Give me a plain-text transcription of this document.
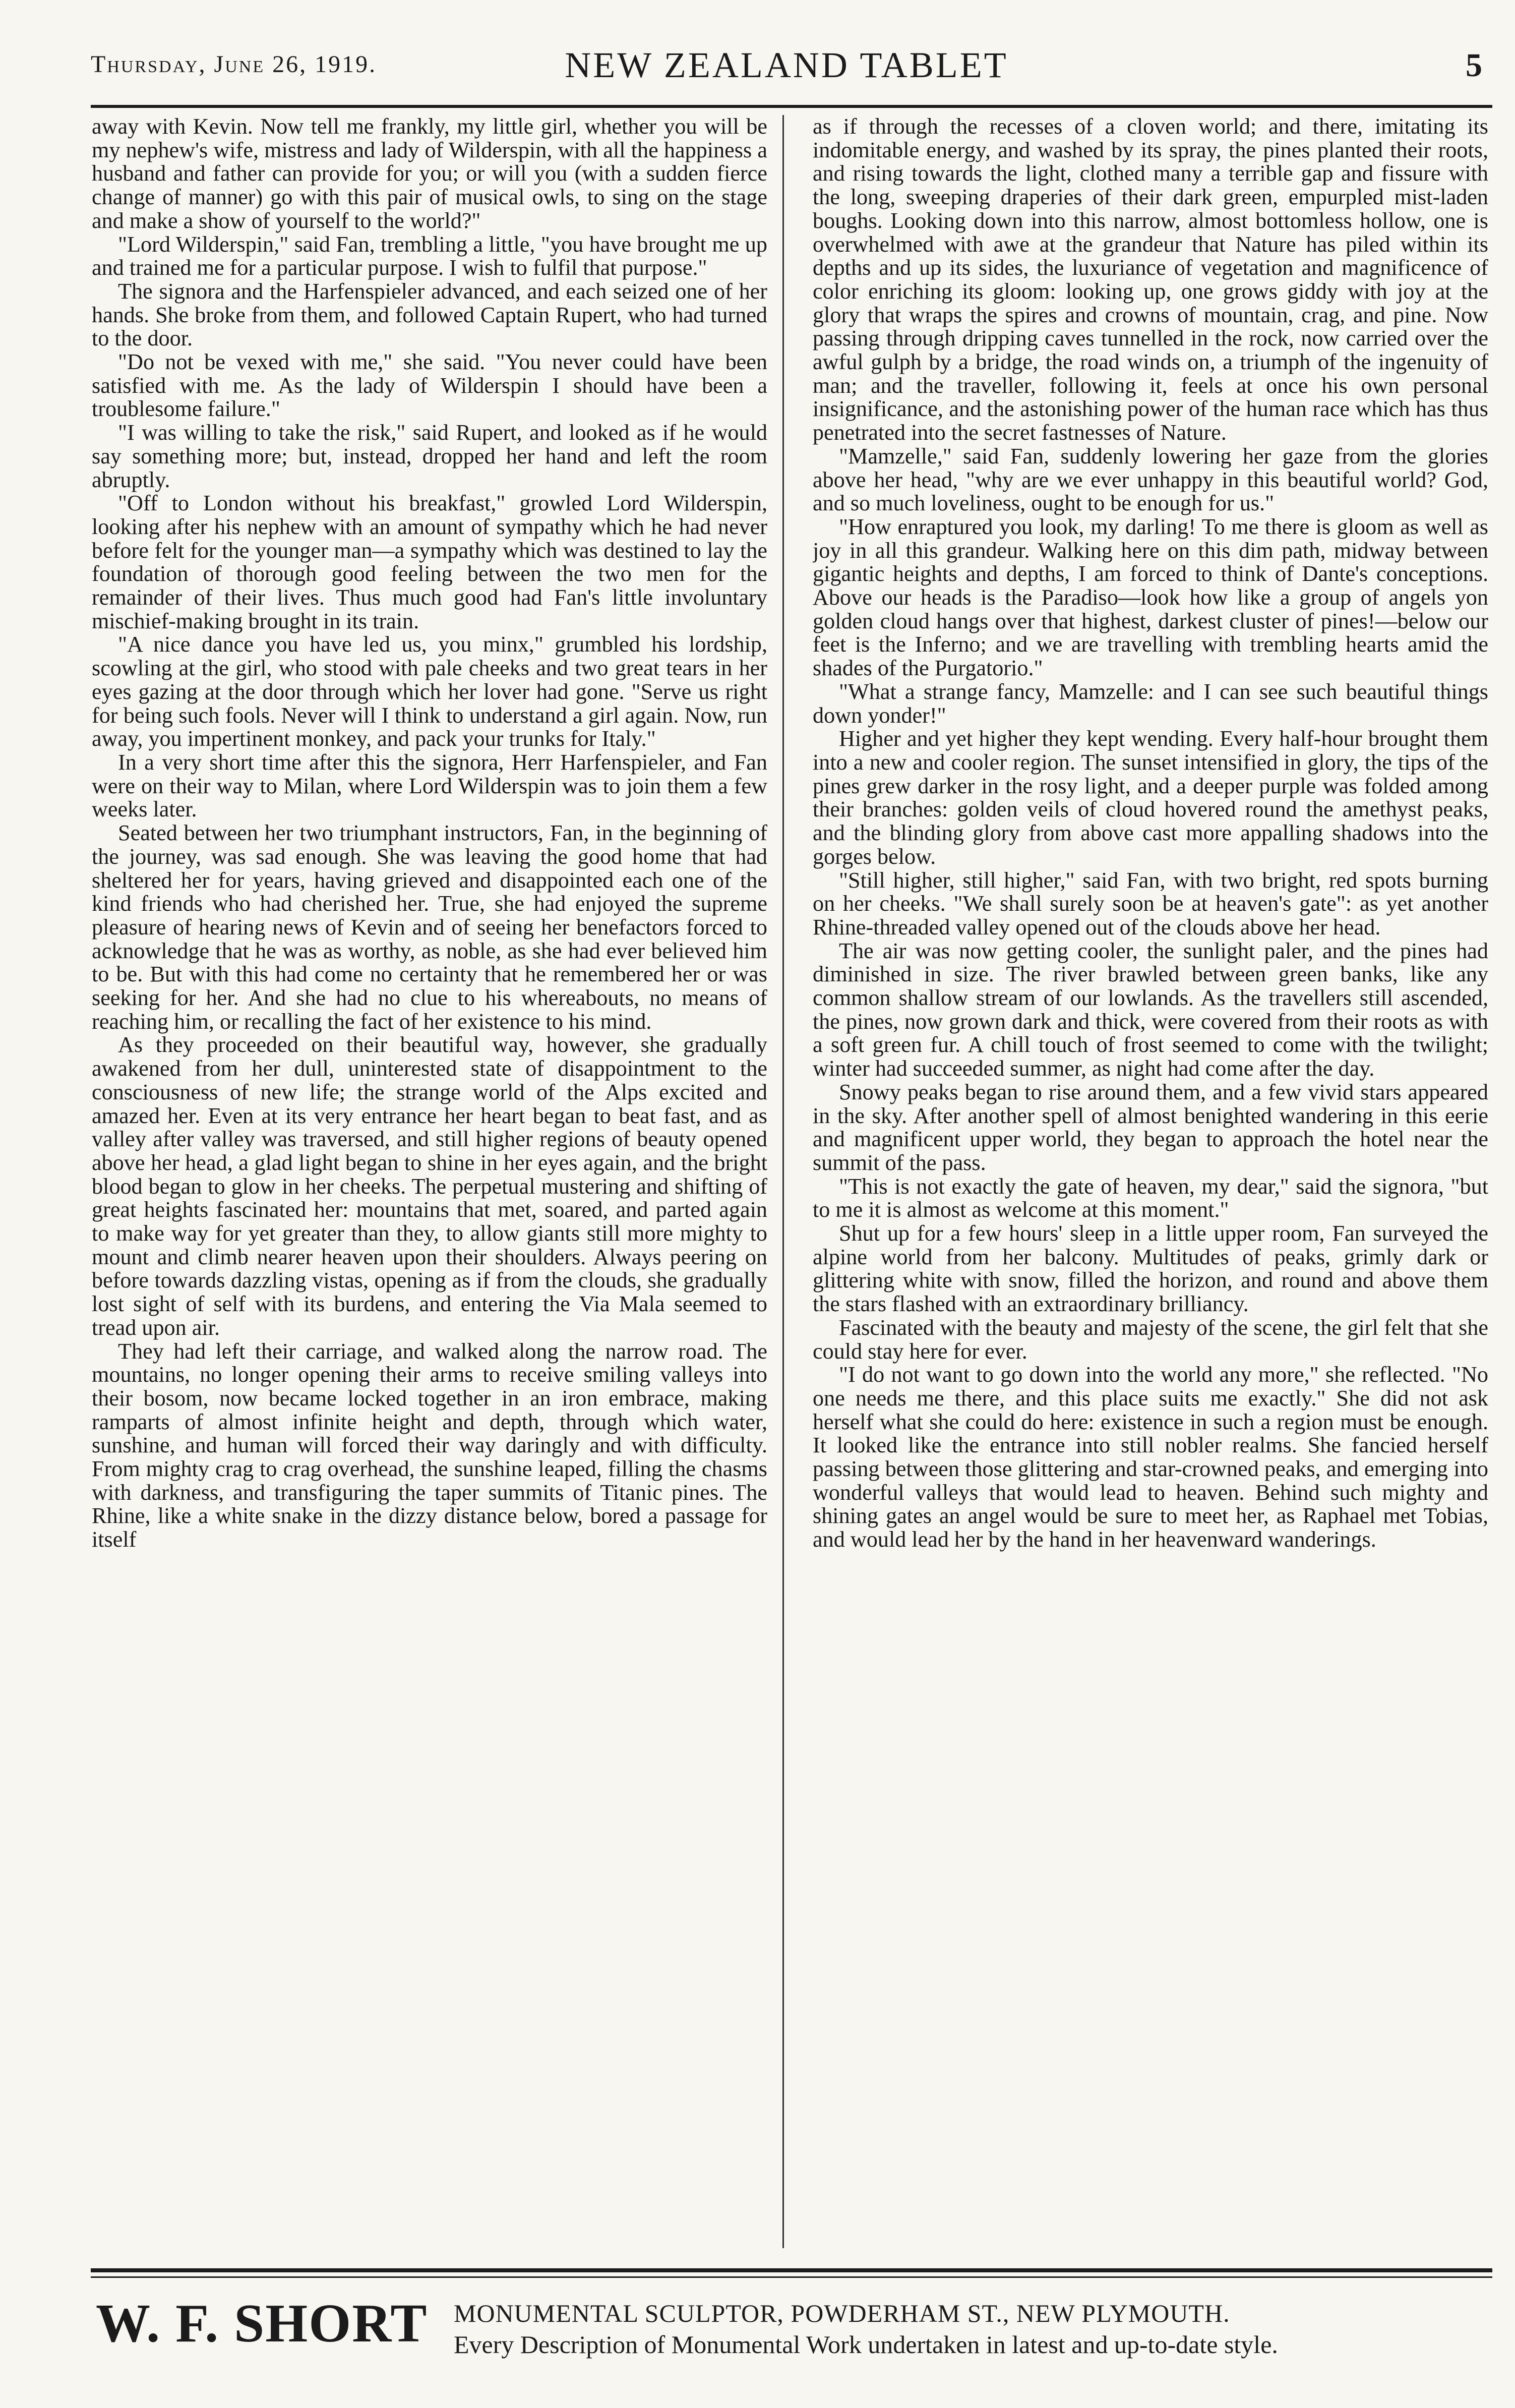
Thursday, June 26, 1919.	NEW ZEALAND TABLET	5

away with Kevin. Now tell me frankly, my little girl, whether you will be my nephew's wife, mistress and lady of Wilderspin, with all the happiness a husband and father can provide for you; or will you (with a sudden fierce change of manner) go with this pair of musical owls, to sing on the stage and make a show of yourself to the world?"

"Lord Wilderspin," said Fan, trembling a little, "you have brought me up and trained me for a particular purpose. I wish to fulfil that purpose."

The signora and the Harfenspieler advanced, and each seized one of her hands. She broke from them, and followed Captain Rupert, who had turned to the door.

"Do not be vexed with me," she said. "You never could have been satisfied with me. As the lady of Wilderspin I should have been a troublesome failure."

"I was willing to take the risk," said Rupert, and looked as if he would say something more; but, instead, dropped her hand and left the room abruptly.

"Off to London without his breakfast," growled Lord Wilderspin, looking after his nephew with an amount of sympathy which he had never before felt for the younger man—a sympathy which was destined to lay the foundation of thorough good feeling between the two men for the remainder of their lives. Thus much good had Fan's little involuntary mischief-making brought in its train.

"A nice dance you have led us, you minx," grumbled his lordship, scowling at the girl, who stood with pale cheeks and two great tears in her eyes gazing at the door through which her lover had gone. "Serve us right for being such fools. Never will I think to understand a girl again. Now, run away, you impertinent monkey, and pack your trunks for Italy."

In a very short time after this the signora, Herr Harfenspieler, and Fan were on their way to Milan, where Lord Wilderspin was to join them a few weeks later.

Seated between her two triumphant instructors, Fan, in the beginning of the journey, was sad enough. She was leaving the good home that had sheltered her for years, having grieved and disappointed each one of the kind friends who had cherished her. True, she had enjoyed the supreme pleasure of hearing news of Kevin and of seeing her benefactors forced to acknowledge that he was as worthy, as noble, as she had ever believed him to be. But with this had come no certainty that he remembered her or was seeking for her. And she had no clue to his whereabouts, no means of reaching him, or recalling the fact of her existence to his mind.

As they proceeded on their beautiful way, however, she gradually awakened from her dull, uninterested state of disappointment to the consciousness of new life; the strange world of the Alps excited and amazed her. Even at its very entrance her heart began to beat fast, and as valley after valley was traversed, and still higher regions of beauty opened above her head, a glad light began to shine in her eyes again, and the bright blood began to glow in her cheeks. The perpetual mustering and shifting of great heights fascinated her: mountains that met, soared, and parted again to make way for yet greater than they, to allow giants still more mighty to mount and climb nearer heaven upon their shoulders. Always peering on before towards dazzling vistas, opening as if from the clouds, she gradually lost sight of self with its burdens, and entering the Via Mala seemed to tread upon air.

They had left their carriage, and walked along the narrow road. The mountains, no longer opening their arms to receive smiling valleys into their bosom, now became locked together in an iron embrace, making ramparts of almost infinite height and depth, through which water, sunshine, and human will forced their way daringly and with difficulty. From mighty crag to crag overhead, the sunshine leaped, filling the chasms with darkness, and transfiguring the taper summits of Titanic pines. The Rhine, like a white snake in the dizzy distance below, bored a passage for itself

as if through the recesses of a cloven world; and there, imitating its indomitable energy, and washed by its spray, the pines planted their roots, and rising towards the light, clothed many a terrible gap and fissure with the long, sweeping draperies of their dark green, empurpled mist-laden boughs. Looking down into this narrow, almost bottomless hollow, one is overwhelmed with awe at the grandeur that Nature has piled within its depths and up its sides, the luxuriance of vegetation and magnificence of color enriching its gloom: looking up, one grows giddy with joy at the glory that wraps the spires and crowns of mountain, crag, and pine. Now passing through dripping caves tunnelled in the rock, now carried over the awful gulph by a bridge, the road winds on, a triumph of the ingenuity of man; and the traveller, following it, feels at once his own personal insignificance, and the astonishing power of the human race which has thus penetrated into the secret fastnesses of Nature.

"Mamzelle," said Fan, suddenly lowering her gaze from the glories above her head, "why are we ever unhappy in this beautiful world? God, and so much loveliness, ought to be enough for us."

"How enraptured you look, my darling! To me there is gloom as well as joy in all this grandeur. Walking here on this dim path, midway between gigantic heights and depths, I am forced to think of Dante's conceptions. Above our heads is the Paradiso—look how like a group of angels yon golden cloud hangs over that highest, darkest cluster of pines!—below our feet is the Inferno; and we are travelling with trembling hearts amid the shades of the Purgatorio."

"What a strange fancy, Mamzelle: and I can see such beautiful things down yonder!"

Higher and yet higher they kept wending. Every half-hour brought them into a new and cooler region. The sunset intensified in glory, the tips of the pines grew darker in the rosy light, and a deeper purple was folded among their branches: golden veils of cloud hovered round the amethyst peaks, and the blinding glory from above cast more appalling shadows into the gorges below.

"Still higher, still higher," said Fan, with two bright, red spots burning on her cheeks. "We shall surely soon be at heaven's gate": as yet another Rhine-threaded valley opened out of the clouds above her head.

The air was now getting cooler, the sunlight paler, and the pines had diminished in size. The river brawled between green banks, like any common shallow stream of our lowlands. As the travellers still ascended, the pines, now grown dark and thick, were covered from their roots as with a soft green fur. A chill touch of frost seemed to come with the twilight; winter had succeeded summer, as night had come after the day.

Snowy peaks began to rise around them, and a few vivid stars appeared in the sky. After another spell of almost benighted wandering in this eerie and magnificent upper world, they began to approach the hotel near the summit of the pass.

"This is not exactly the gate of heaven, my dear," said the signora, "but to me it is almost as welcome at this moment."

Shut up for a few hours' sleep in a little upper room, Fan surveyed the alpine world from her balcony. Multitudes of peaks, grimly dark or glittering white with snow, filled the horizon, and round and above them the stars flashed with an extraordinary brilliancy.

Fascinated with the beauty and majesty of the scene, the girl felt that she could stay here for ever.

"I do not want to go down into the world any more," she reflected. "No one needs me there, and this place suits me exactly." She did not ask herself what she could do here: existence in such a region must be enough. It looked like the entrance into still nobler realms. She fancied herself passing between those glittering and star-crowned peaks, and emerging into wonderful valleys that would lead to heaven. Behind such mighty and shining gates an angel would be sure to meet her, as Raphael met Tobias, and would lead her by the hand in her heavenward wanderings.

W. F. SHORT MONUMENTAL SCULPTOR, POWDERHAM ST., NEW PLYMOUTH.
Every Description of Monumental Work undertaken in latest and up-to-date style.
